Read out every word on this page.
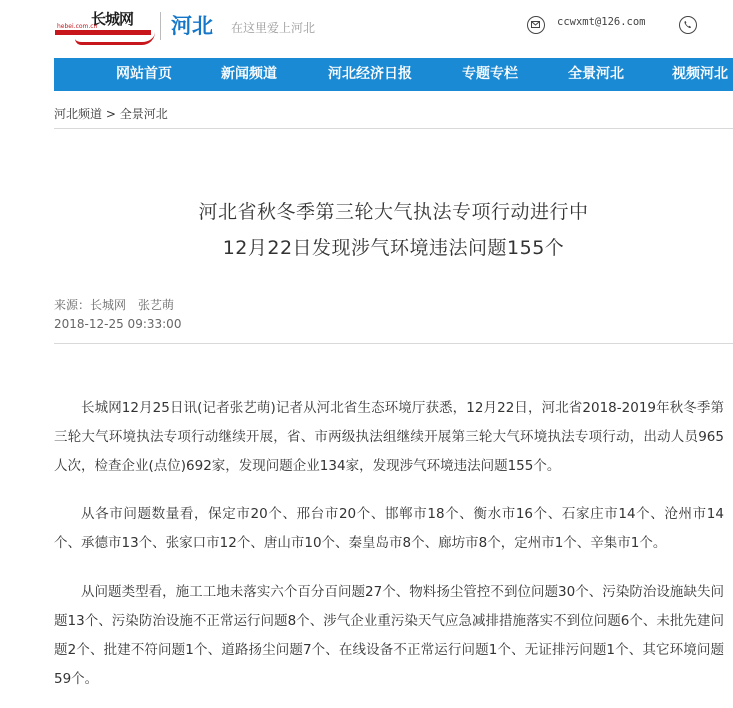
长城网
hebei.com.cn	河北 在这里爱上河北	ccwxmt@126.com
网站首页	新闻频道	河北经济日报	专题专栏	全景河北	视频河北
河北频道 > 全景河北
河北省秋冬季第三轮大气执法专项行动进行中
12月22日发现涉气环境违法问题155个
来源：长城网　张艺萌
2018-12-25 09:33:00

长城网12月25日讯(记者张艺萌)记者从河北省生态环境厅获悉，12月22日，河北省2018-2019年秋冬季第三轮大气环境执法专项行动继续开展，省、市两级执法组继续开展第三轮大气环境执法专项行动，出动人员965人次，检查企业(点位)692家，发现问题企业134家，发现涉气环境违法问题155个。

从各市问题数量看，保定市20个、邢台市20个、邯郸市18个、衡水市16个、石家庄市14个、沧州市14个、承德市13个、张家口市12个、唐山市10个、秦皇岛市8个、廊坊市8个，定州市1个、辛集市1个。

从问题类型看，施工工地未落实六个百分百问题27个、物料扬尘管控不到位问题30个、污染防治设施缺失问题13个、污染防治设施不正常运行问题8个、涉气企业重污染天气应急减排措施落实不到位问题6个、未批先建问题2个、批建不符问题1个、道路扬尘问题7个、在线设备不正常运行问题1个、无证排污问题1个、其它环境问题59个。
